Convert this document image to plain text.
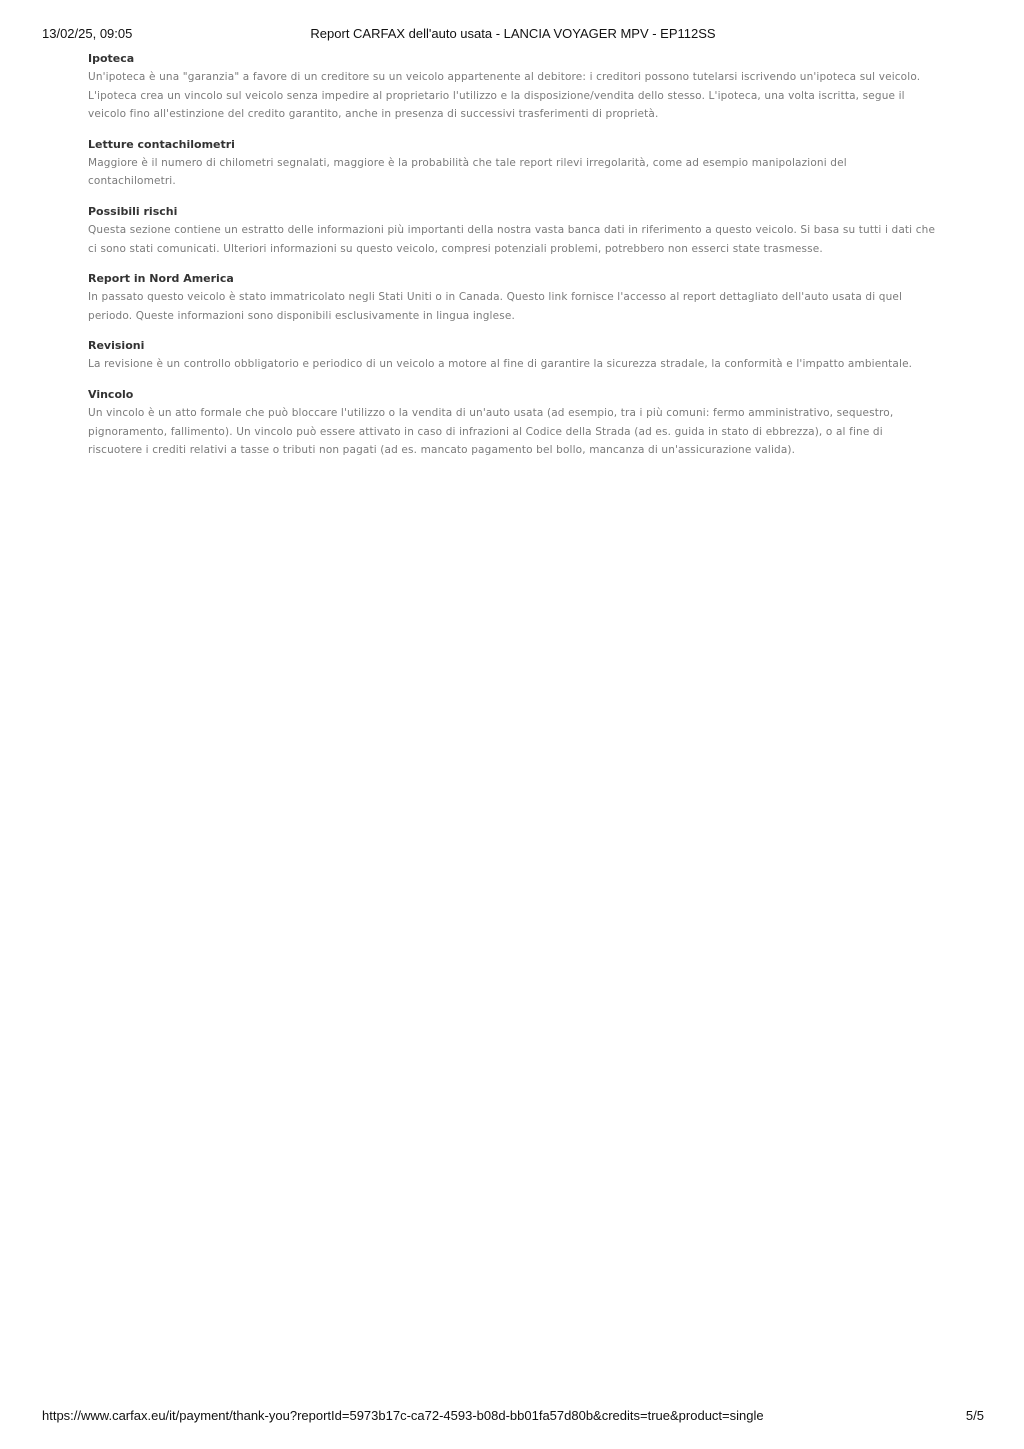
13/02/25, 09:05	Report CARFAX dell'auto usata - LANCIA VOYAGER MPV - EP112SS
Ipoteca

Un'ipoteca è una "garanzia" a favore di un creditore su un veicolo appartenente al debitore: i creditori possono tutelarsi iscrivendo un'ipoteca sul veicolo. L'ipoteca crea un vincolo sul veicolo senza impedire al proprietario l'utilizzo e la disposizione/vendita dello stesso. L'ipoteca, una volta iscritta, segue il veicolo fino all'estinzione del credito garantito, anche in presenza di successivi trasferimenti di proprietà.

Letture contachilometri

Maggiore è il numero di chilometri segnalati, maggiore è la probabilità che tale report rilevi irregolarità, come ad esempio manipolazioni del contachilometri.

Possibili rischi

Questa sezione contiene un estratto delle informazioni più importanti della nostra vasta banca dati in riferimento a questo veicolo. Si basa su tutti i dati che ci sono stati comunicati. Ulteriori informazioni su questo veicolo, compresi potenziali problemi, potrebbero non esserci state trasmesse.

Report in Nord America

In passato questo veicolo è stato immatricolato negli Stati Uniti o in Canada. Questo link fornisce l'accesso al report dettagliato dell'auto usata di quel periodo. Queste informazioni sono disponibili esclusivamente in lingua inglese.

Revisioni

La revisione è un controllo obbligatorio e periodico di un veicolo a motore al fine di garantire la sicurezza stradale, la conformità e l'impatto ambientale.

Vincolo

Un vincolo è un atto formale che può bloccare l'utilizzo o la vendita di un'auto usata (ad esempio, tra i più comuni: fermo amministrativo, sequestro, pignoramento, fallimento). Un vincolo può essere attivato in caso di infrazioni al Codice della Strada (ad es. guida in stato di ebbrezza), o al fine di riscuotere i crediti relativi a tasse o tributi non pagati (ad es. mancato pagamento bel bollo, mancanza di un'assicurazione valida).

https://www.carfax.eu/it/payment/thank-you?reportId=5973b17c-ca72-4593-b08d-bb01fa57d80b&credits=true&product=single	5/5
